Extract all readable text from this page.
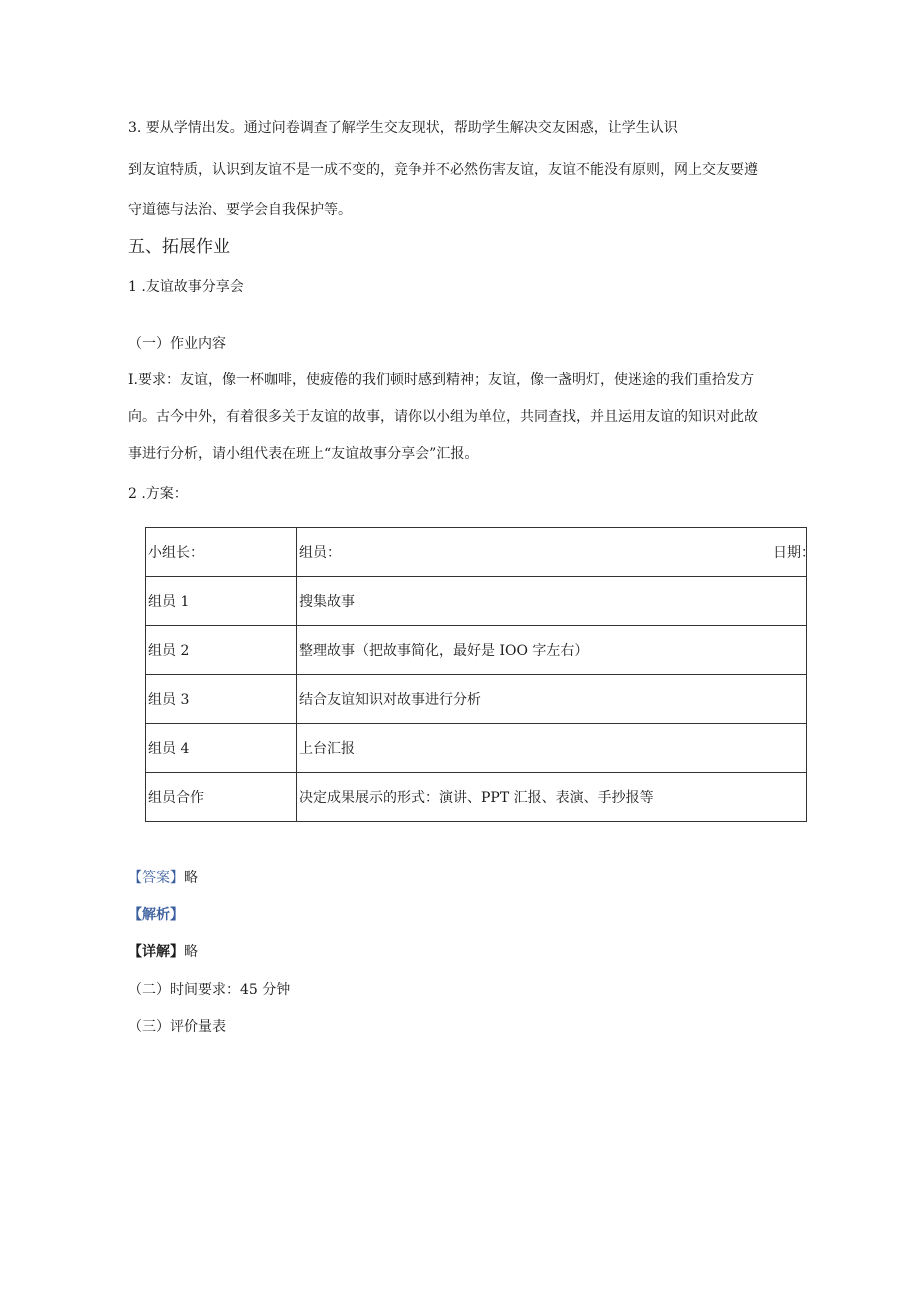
3. 要从学情出发。通过问卷调查了解学生交友现状，帮助学生解决交友困惑，让学生认识
到友谊特质，认识到友谊不是一成不变的，竞争并不必然伤害友谊，友谊不能没有原则，网上交友要遵
守道德与法治、要学会自我保护等。
五、拓展作业
1 .友谊故事分享会
（一）作业内容
I.要求：友谊，像一杯咖啡，使疲倦的我们顿时感到精神；友谊，像一盏明灯，使迷途的我们重拾发方
向。古今中外，有着很多关于友谊的故事，请你以小组为单位，共同查找，并且运用友谊的知识对此故
事进行分析，请小组代表在班上“友谊故事分享会”汇报。
2 .方案：
小组长：	组员： 日期：

组员 1	搜集故事
组员 2	整理故事（把故事简化，最好是 IOO 字左右）
组员 3	结合友谊知识对故事进行分析
组员 4	上台汇报
组员合作	决定成果展示的形式：演讲、PPT 汇报、表演、手抄报等
【答案】略
【解析】
【详解】略
（二）时间要求：45 分钟
（三）评价量表
